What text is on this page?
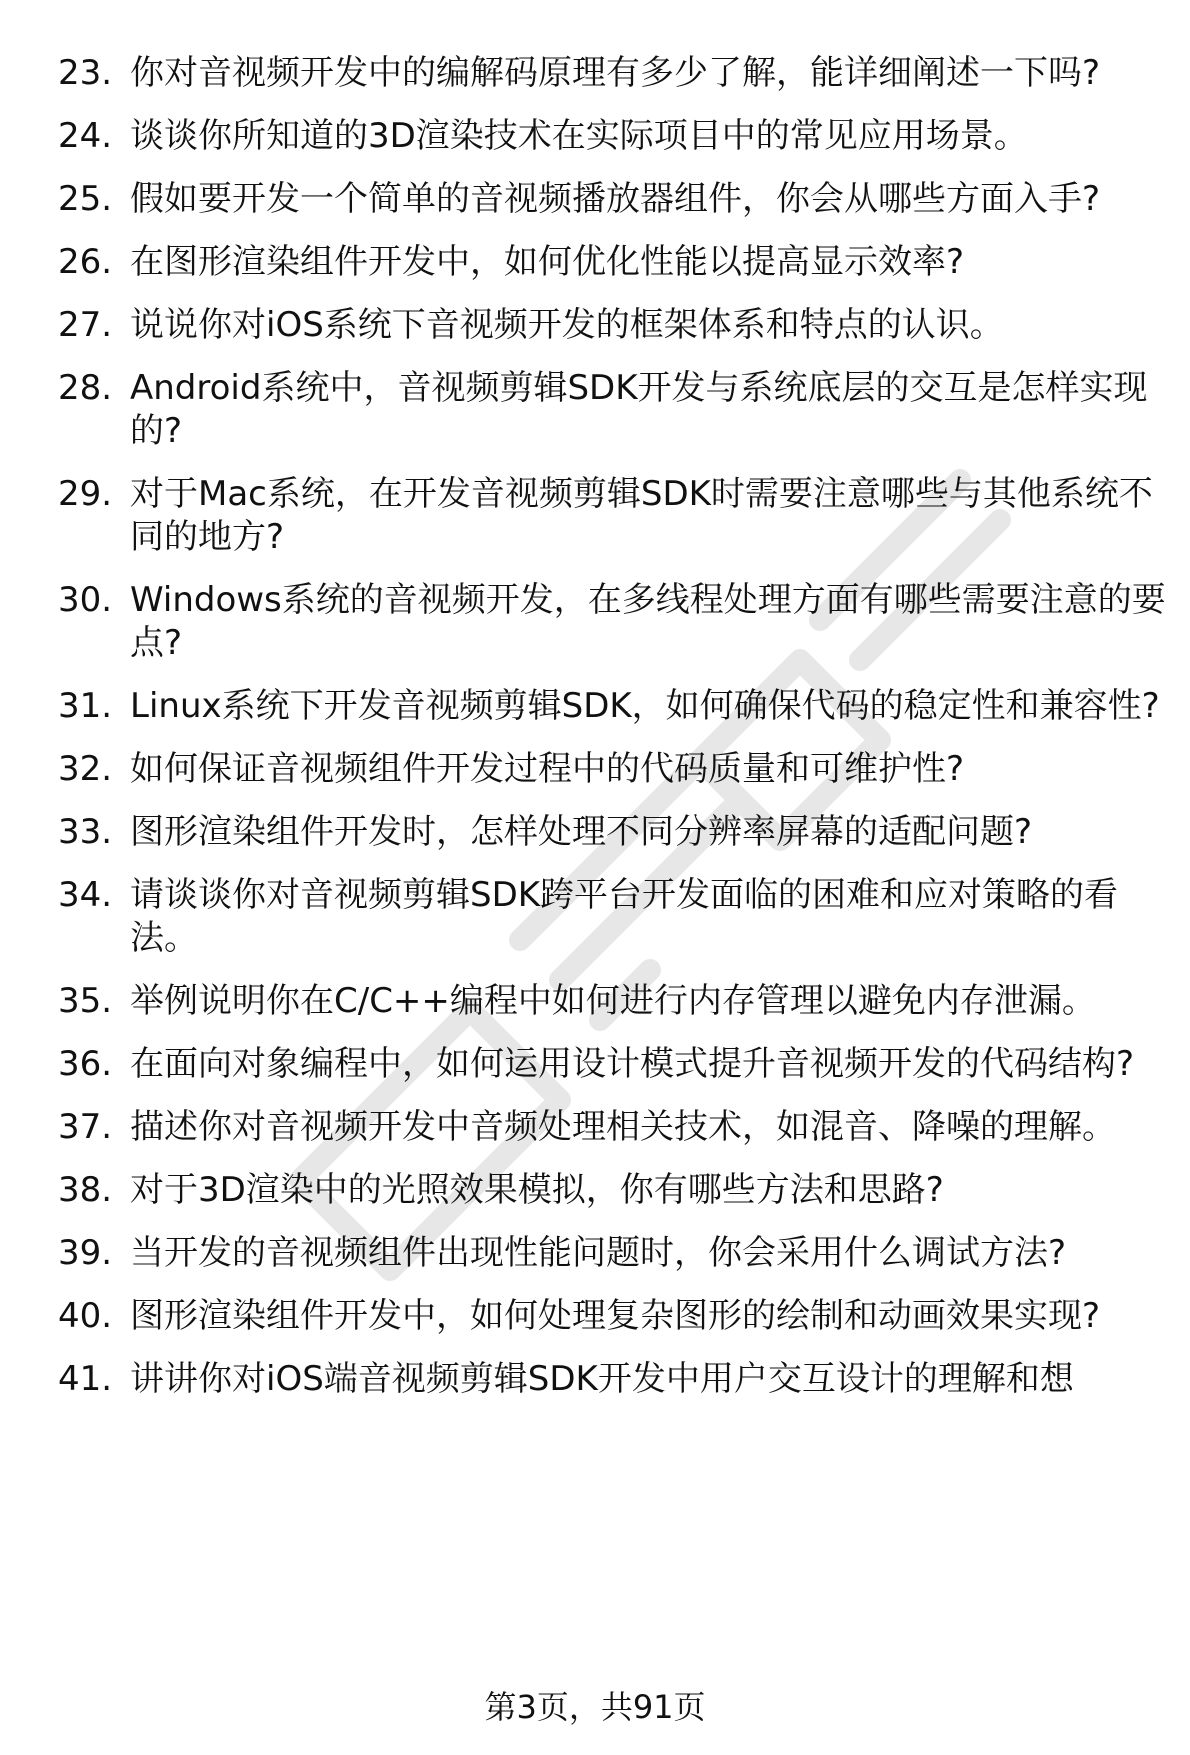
23. 你对音视频开发中的编解码原理有多少了解，能详细阐述一下吗?
24. 谈谈你所知道的3D渲染技术在实际项目中的常见应用场景。
25. 假如要开发一个简单的音视频播放器组件，你会从哪些方面入手?
26. 在图形渲染组件开发中，如何优化性能以提高显示效率?
27. 说说你对iOS系统下音视频开发的框架体系和特点的认识。
28. Android系统中，音视频剪辑SDK开发与系统底层的交互是怎样实现的?
29. 对于Mac系统，在开发音视频剪辑SDK时需要注意哪些与其他系统不同的地方?
30. Windows系统的音视频开发，在多线程处理方面有哪些需要注意的要点?
31. Linux系统下开发音视频剪辑SDK，如何确保代码的稳定性和兼容性?
32. 如何保证音视频组件开发过程中的代码质量和可维护性?
33. 图形渲染组件开发时，怎样处理不同分辨率屏幕的适配问题?
34. 请谈谈你对音视频剪辑SDK跨平台开发面临的困难和应对策略的看法。
35. 举例说明你在C/C++编程中如何进行内存管理以避免内存泄漏。
36. 在面向对象编程中，如何运用设计模式提升音视频开发的代码结构?
37. 描述你对音视频开发中音频处理相关技术，如混音、降噪的理解。
38. 对于3D渲染中的光照效果模拟，你有哪些方法和思路?
39. 当开发的音视频组件出现性能问题时，你会采用什么调试方法?
40. 图形渲染组件开发中，如何处理复杂图形的绘制和动画效果实现?
41. 讲讲你对iOS端音视频剪辑SDK开发中用户交互设计的理解和想
第3页，共91页
